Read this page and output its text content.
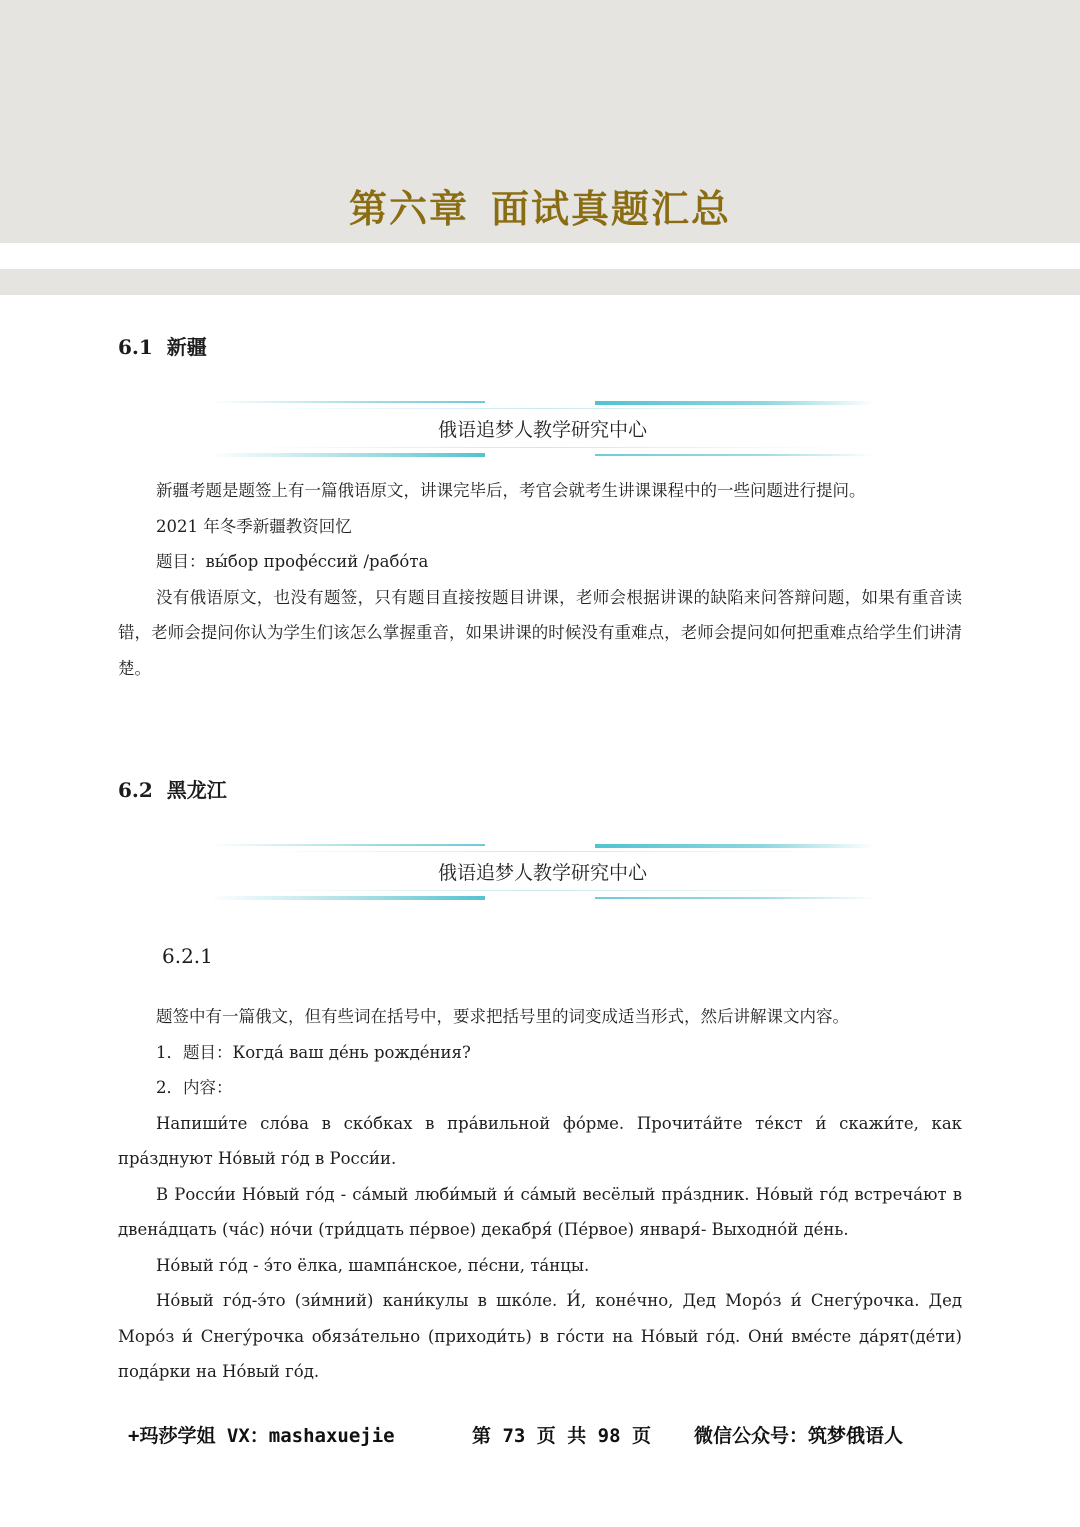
第六章 面试真题汇总
6.1 新疆
俄语追梦人教学研究中心

新疆考题是题签上有一篇俄语原文，讲课完毕后，考官会就考生讲课课程中的一些问题进行提问。

2021 年冬季新疆教资回忆

题目：вы́бор профе́ссий /рабо́та

没有俄语原文，也没有题签，只有题目直接按题目讲课，老师会根据讲课的缺陷来问答辩问题，如果有重音读错，老师会提问你认为学生们该怎么掌握重音，如果讲课的时候没有重难点，老师会提问如何把重难点给学生们讲清楚。

6.2 黑龙江
俄语追梦人教学研究中心
6.2.1

题签中有一篇俄文，但有些词在括号中，要求把括号里的词变成适当形式，然后讲解课文内容。

1．题目：Когда́ ваш де́нь рожде́ния?

2．内容：

Напиши́те сло́ва в ско́бках в пра́вильной фо́рме. Прочита́йте те́кст и́ скажи́те, как пра́зднуют Но́вый го́д в Росси́и.

В Росси́и Но́вый го́д - са́мый люби́мый и́ са́мый весёлый пра́здник. Но́вый го́д встреча́ют в двена́дцать (ча́с) но́чи (три́дцать пе́рвое) декабря́ (Пе́рвое) января́- Выходно́й де́нь.

Но́вый го́д - э́то ёлка, шампа́нское, пе́сни, та́нцы.

Но́вый го́д-э́то (зи́мний) кани́кулы в шко́ле. И́, коне́чно, Дед Моро́з и́ Снегу́рочка. Дед Моро́з и́ Снегу́рочка обяза́тельно (приходи́ть) в го́сти на Но́вый го́д. Они́ вме́сте да́рят(де́ти) пода́рки на Но́вый го́д.

+玛莎学姐 VX：mashaxuejie	第 73 页 共 98 页 微信公众号：筑梦俄语人
